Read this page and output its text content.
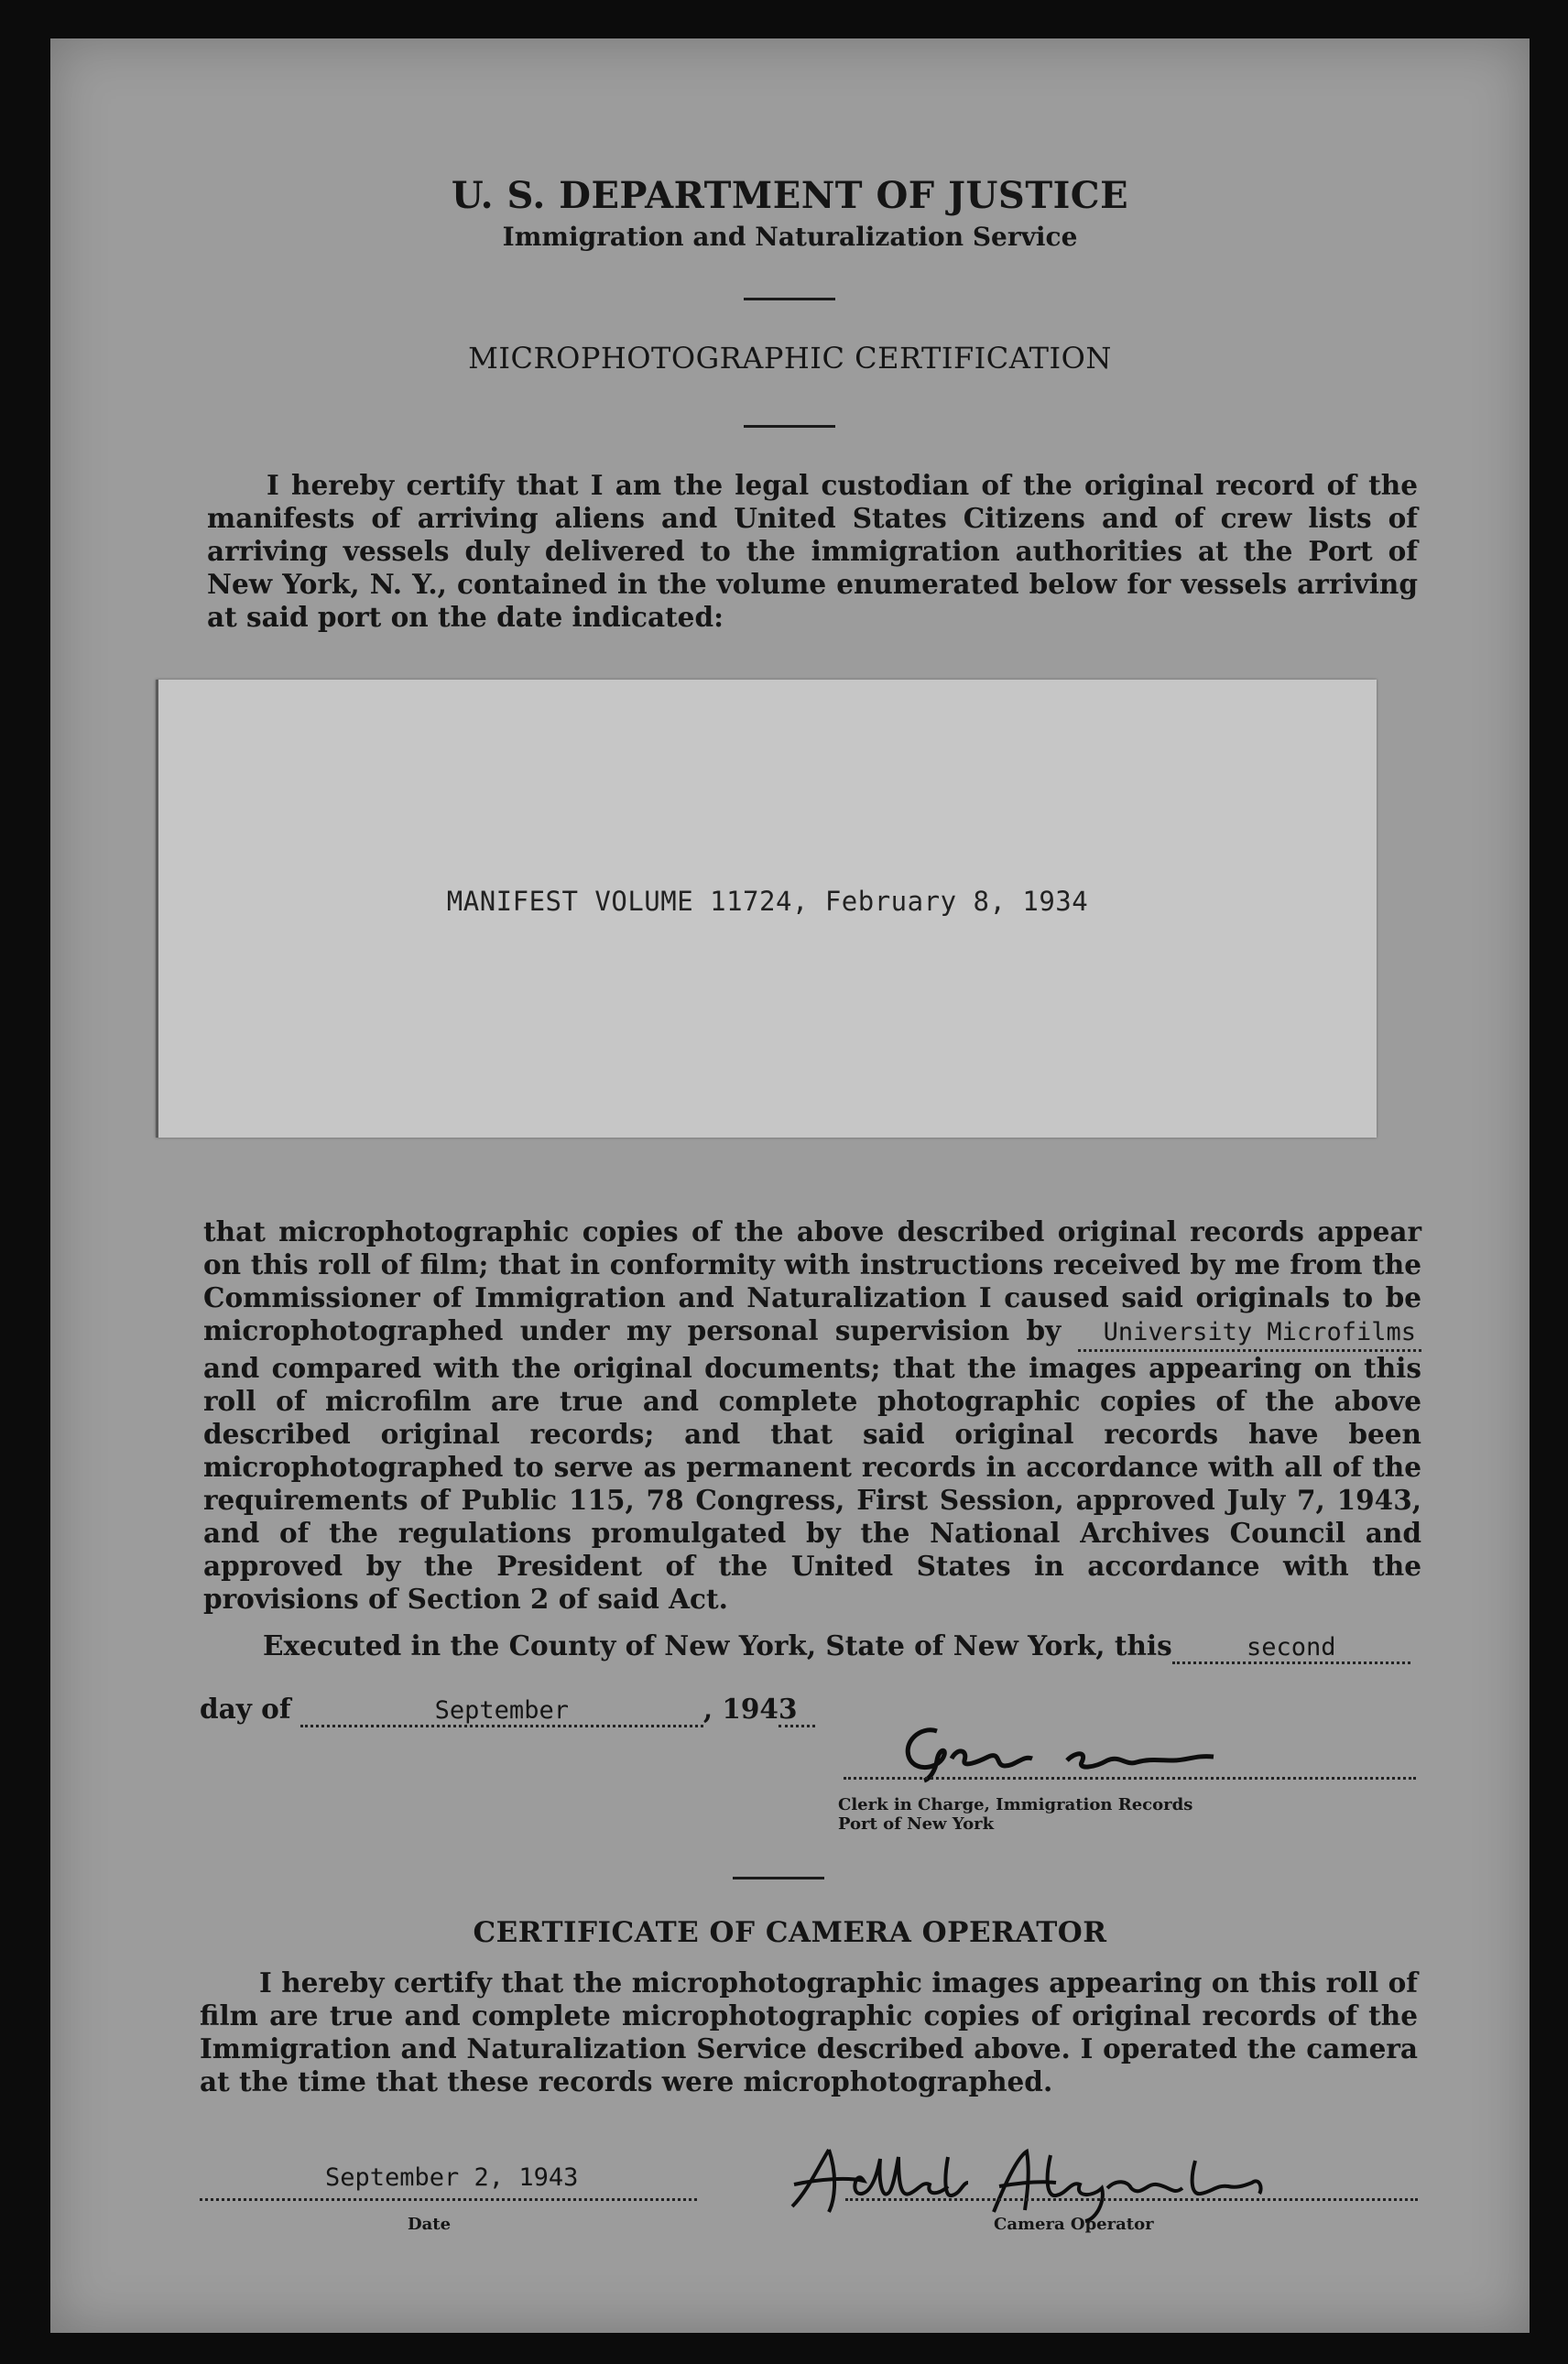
U. S. DEPARTMENT OF JUSTICE
Immigration and Naturalization Service
MICROPHOTOGRAPHIC CERTIFICATION
I hereby certify that I am the legal custodian of the original record of the manifests of arriving aliens and United States Citizens and of crew lists of arriving vessels duly delivered to the immigration authorities at the Port of New York, N. Y., contained in the volume enumerated below for vessels arriving at said port on the date indicated:
MANIFEST VOLUME 11724, February 8, 1934
that microphotographic copies of the above described original records appear on this roll of film; that in conformity with instructions received by me from the Commissioner of Immigration and Naturalization I caused said originals to be microphotographed under my personal supervision by University Microfilms and compared with the original documents; that the images appearing on this roll of microfilm are true and complete photographic copies of the above described original records; and that said original records have been microphotographed to serve as permanent records in accordance with all of the requirements of Public 115, 78 Congress, First Session, approved July 7, 1943, and of the regulations promulgated by the National Archives Council and approved by the President of the United States in accordance with the provisions of Section 2 of said Act.
Executed in the County of New York, State of New York, this	second
day of	September	, 1943
Clerk in Charge, Immigration Records
Port of New York
CERTIFICATE OF CAMERA OPERATOR
I hereby certify that the microphotographic images appearing on this roll of film are true and complete microphotographic copies of original records of the Immigration and Naturalization Service described above. I operated the camera at the time that these records were microphotographed.
September 2, 1943
Date	Camera Operator
